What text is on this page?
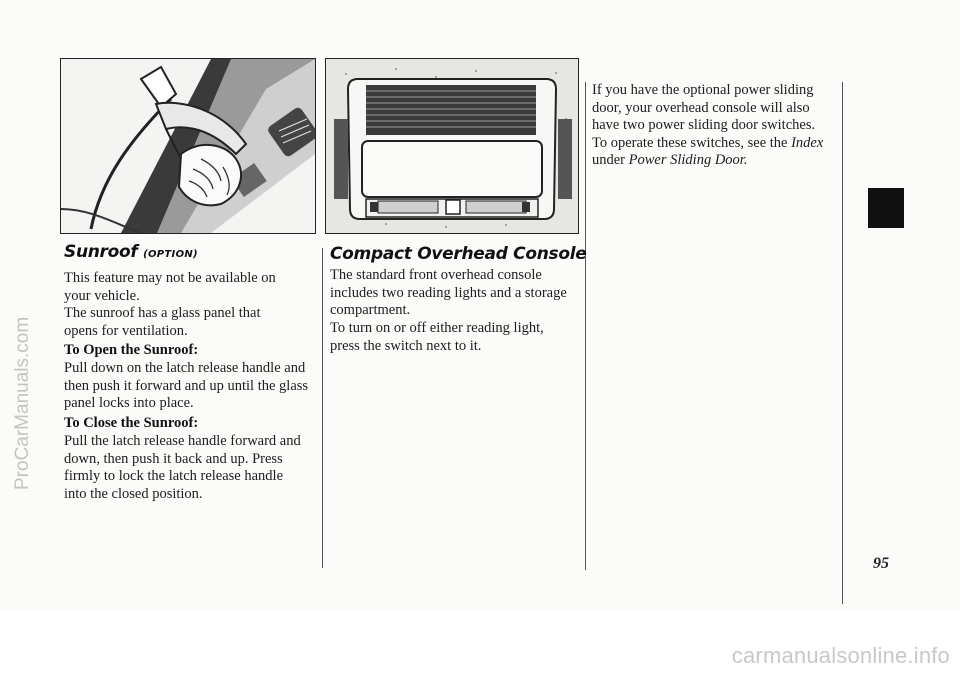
Sunroof (OPTION)

This feature may not be available on your vehicle.

The sunroof has a glass panel that opens for ventilation.

To Open the Sunroof:

Pull down on the latch release handle and then push it forward and up until the glass panel locks into place.

To Close the Sunroof:

Pull the latch release handle forward and down, then push it back and up. Press firmly to lock the latch release handle into the closed position.

Compact Overhead Console

The standard front overhead console includes two reading lights and a storage compartment.

To turn on or off either reading light, press the switch next to it.

If you have the optional power sliding door, your overhead console will also have two power sliding door switches. To operate these switches, see the Index under Power Sliding Door.

95
ProCarManuals.com
carmanualsonline.info
